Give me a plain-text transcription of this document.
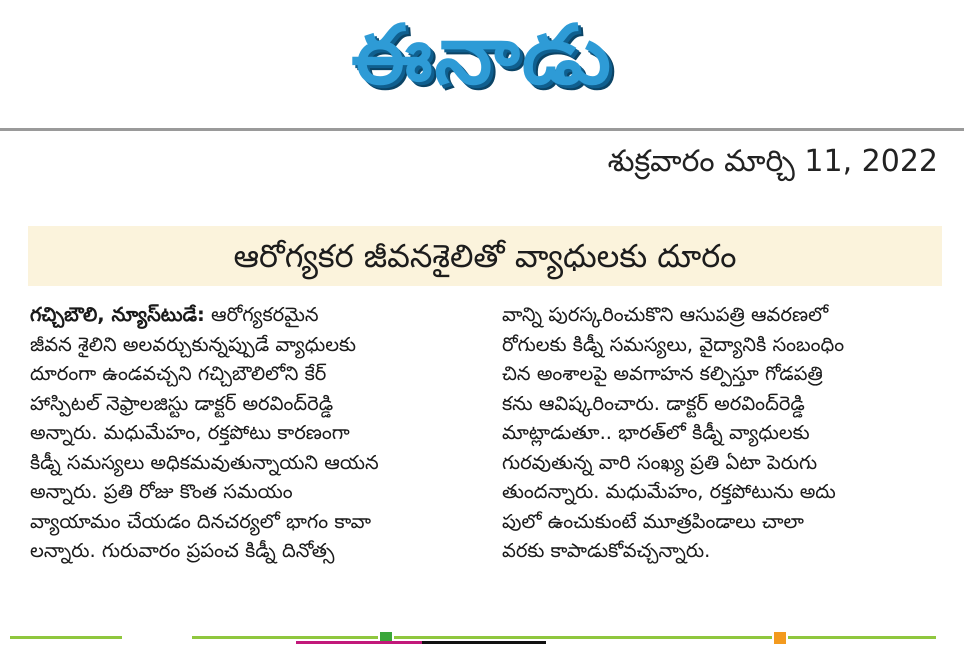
ఈనాడు
శుక్రవారం మార్చి 11, 2022
ఆరోగ్యకర జీవనశైలితో వ్యాధులకు దూరం
గచ్చిబౌలి, న్యూస్‌టుడే: ఆరోగ్యకరమైన
జీవన శైలిని అలవర్చుకున్నప్పుడే వ్యాధులకు
దూరంగా ఉండవచ్చని గచ్చిబౌలిలోని కేర్
హాస్పిటల్ నెఫ్రాలజిస్టు డాక్టర్ అరవింద్‌రెడ్డి
అన్నారు. మధుమేహం, రక్తపోటు కారణంగా
కిడ్నీ సమస్యలు అధికమవుతున్నాయని ఆయన
అన్నారు. ప్రతి రోజు కొంత సమయం
వ్యాయామం చేయడం దినచర్యలో భాగం కావా
లన్నారు. గురువారం ప్రపంచ కిడ్నీ దినోత్స
వాన్ని పురస్కరించుకొని ఆసుపత్రి ఆవరణలో
రోగులకు కిడ్నీ సమస్యలు, వైద్యానికి సంబంధిం
చిన అంశాలపై అవగాహన కల్పిస్తూ గోడపత్రి
కను ఆవిష్కరించారు. డాక్టర్ అరవింద్‌రెడ్డి
మాట్లాడుతూ.. భారత్‌లో కిడ్నీ వ్యాధులకు
గురవుతున్న వారి సంఖ్య ప్రతి ఏటా పెరుగు
తుందన్నారు. మధుమేహం, రక్తపోటును అదు
పులో ఉంచుకుంటే మూత్రపిండాలు చాలా
వరకు కాపాడుకోవచ్చన్నారు.
